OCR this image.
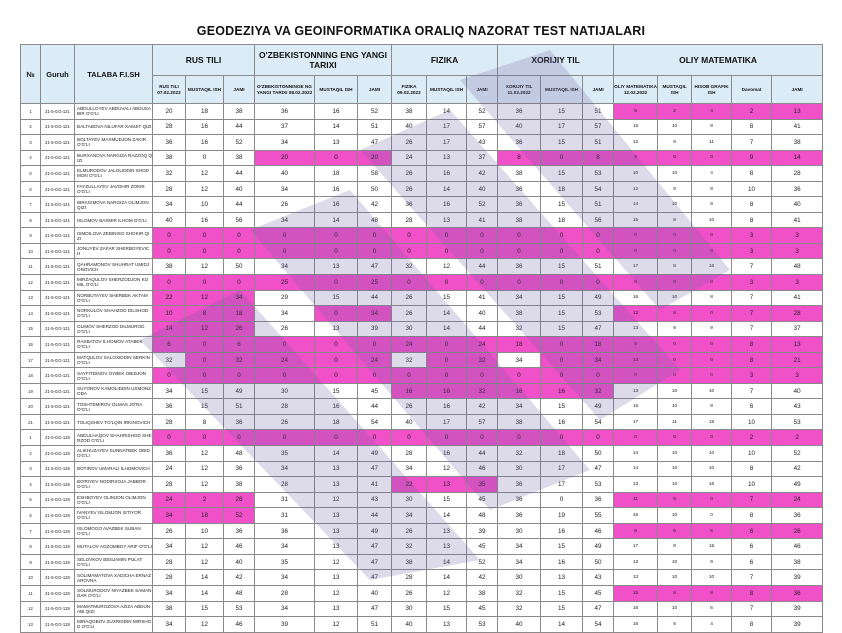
GEODEZIYA VA GEOINFORMATIKA ORALIQ NAZORAT TEST NATIJALARI
№	Guruh	TALABA F.I.SH	RUS TILI			O'ZBEKISTONNING ENG YANGI TARIXI			FIZIKA			XORIJIY TIL			OLIY MATEMATIKA				
			RUS TILI 07.02.2022	MUSTAQIL ISH	JAMI	O'ZBEKISTONNINGE NG YANGI TARIXI 08.02.2022	MUSTAQIL ISH	JAMI	FIZIKA 09.02.2022	MUSTAQIL ISH	JAMI	XORIJIY TIL 11.02.2022	MUSTAQIL ISH	JAMI	OLIY MATEMATIKA 12.02.2022	MUSTAQIL ISH	HISOB GRAFIK ISH	Davomat	JAMI
1	21-5-GG-121	ABDULLOYEV ABDUVALI ABDUSABIR O'G'LI	20	18	38	36	16	52	38	14	52	36	15	51	5	2	4	2	13
2	21-5-GG-121	BALTABOVA NILUFAR XAMJIT QIZI	28	16	44	37	14	51	40	17	57	40	17	57	15	10	8	8	41
3	21-5-GG-121	BOLTAYEV MAXMUDJON ZAKIR O'G'LI	36	16	52	34	13	47	26	17	43	36	15	51	12	8	11	7	38
4	21-5-GG-121	BURXANOVA NARGIZA RAZZOQ QIZI	38	0	38	20	0	20	24	13	37	8	0	8	5	0	0	9	14
5	21-5-GG-121	ELMURODOV JALOLIDDIN SHODMON O'G'LI	32	12	44	40	18	58	26	16	42	38	15	53	10	10	4	8	28
6	21-5-GG-121	FAYZULLAYEV JAVOHIR ZOKIR O'G'LI	28	12	40	34	16	50	26	14	40	36	18	54	12	8	8	10	36
7	21-5-GG-121	IBRAGIMOVA NARGIZA OLIMJON QIZI	34	10	44	26	16	42	36	16	52	36	15	51	14	10	9	8	40
8	21-5-GG-121	ISLOMOV BAXMIR ILHOM O'G'LI	40	16	56	34	14	48	28	13	41	38	18	56	15	8	10	8	41
9	21-5-GG-121	ISMOILOVA ZEBINISO SHOKIR QIZI	0	0	0	0	0	0	0	0	0	0	0	0	0	0	0	3	3
10	21-5-GG-121	JONUYEV ZAFAR SHERBOYEVICH	0	0	0	0	0	0	0	0	0	0	0	0	0	0	0	3	3
11	21-5-GG-121	QAHRAMONOV SHUHRAT UMIDJONOVICH	38	12	50	34	13	47	32	12	44	36	15	51	17	8	16	7	48
12	21-5-GG-121	MIRZAQULOV SHERZODJON KOMIL O'G'LI	0	0	0	25	0	25	0	0	0	0	0	0	0	0	0	3	3
13	21-5-GG-121	NORBUTAYEV SHERBEK AKTAM O'G'LI	22	12	34	29	15	44	26	15	41	34	15	49	16	10	8	7	41
14	21-5-GG-121	NORKULOV SHAHZOD DILSHOD O'G'LI	10	8	18	34	0	34	26	14	40	38	15	53	12	8	0	7	28
15	21-5-GG-121	OLIMOV SHERZOD DILMUROD O'G'LI	14	12	26	26	13	39	30	14	44	32	15	47	13	8	9	7	37
16	21-5-GG-121	RAXBATOV ILHOMOV ATABEK O'G'LI	6	0	6	0	0	0	24	0	24	18	0	18	5	0	0	8	13
17	21-5-GG-121	MATQULOV SALOXIDDIN SERKIN O'G'LI	32	0	32	24	0	24	32	0	32	34	0	34	13	0	0	8	21
18	21-5-GG-121	SAYFITDINOV OYBEK OBIDJON O'G'LI	0	0	0	0	0	0	0	0	0	0	0	0	0	0	0	3	3
19	21-5-GG-121	SUYONOV KAMOLIDDIN USMONZODA	34	15	49	30	15	45	16	16	32	16	16	32	13	10	10	7	40
20	21-5-GG-121	TOSHTEMIROV OLMAS JO'RA O'G'LI	36	15	51	28	16	44	26	16	42	34	15	49	15	10	8	6	43
21	21-5-GG-121	TOLIQSHEV TO'LQIN IRKINOVICH	28	8	36	26	18	54	40	17	57	38	16	54	17	11	15	10	53
1	21-5-GG-128	ABDULHAQOV SHAHRISHOD SHERZOD O'G'LI	0	0	0	0	0	0	0	0	0	0	0	0	0	0	0	2	2
2	21-5-GG-128	ALIKHUZAYEV SUNNATBEK OBID O'G'LI	36	12	48	35	14	49	28	16	44	32	18	50	14	10	10	10	52
3	21-5-GG-128	BOTIROV UMARALI ILHOMOVICH	24	12	36	34	13	47	34	12	46	30	17	47	14	10	10	8	42
4	21-5-GG-128	BO'RIYEV NODIRXOJA JABBOR O'G'LI	28	12	38	28	13	41	22	13	35	36	17	53	13	10	16	10	49
5	21-5-GG-128	ESHBOYEV OLIMJON OLIMJON O'G'LI	24	2	26	31	12	43	30	15	45	36	0	36	11	5	0	7	24
6	21-5-GG-128	IVANYEV ISLOMJON ISTIYOR O'G'LI	34	18	52	31	13	44	34	14	48	36	19	55	16	10	0	8	36
7	21-5-GG-128	ISLOMOGO AVAZBEK SUBAN O'G'LI	26	10	36	36	13	49	26	13	39	30	16	46	6	6	5	6	26
8	21-5-GG-128	MUTALOV AGZOMBOY ARIF O'G'LI	34	12	46	34	13	47	32	13	45	34	15	49	17	8	15	6	46
9	21-5-GG-128	SELOVKOV BENJAMIN PULAT O'G'LI	28	12	40	35	12	47	38	14	52	34	16	50	13	10	9	6	38
10	21-5-GG-128	SOLIMAMATOVA XADICHA ERNAZAROVNA	28	14	42	34	13	47	28	14	42	30	13	43	13	10	10	7	39
11	21-5-GG-128	SOLMURODOV NIYAZBEK SAMANDAR O'G'LI	34	14	48	28	12	40	26	12	38	32	15	45	15	8	8	8	36
12	21-5-GG-128	MAMATMUROZOVA AZIZA ABDUNABI QIZI	38	15	53	34	13	47	30	15	45	32	15	47	16	10	6	7	39
13	21-5-GG-128	MIRAQOBOV ZUXRIDDIN MIRSHOD O'G'LI	34	12	46	39	12	51	40	13	53	40	14	54	16	8	4	8	39
